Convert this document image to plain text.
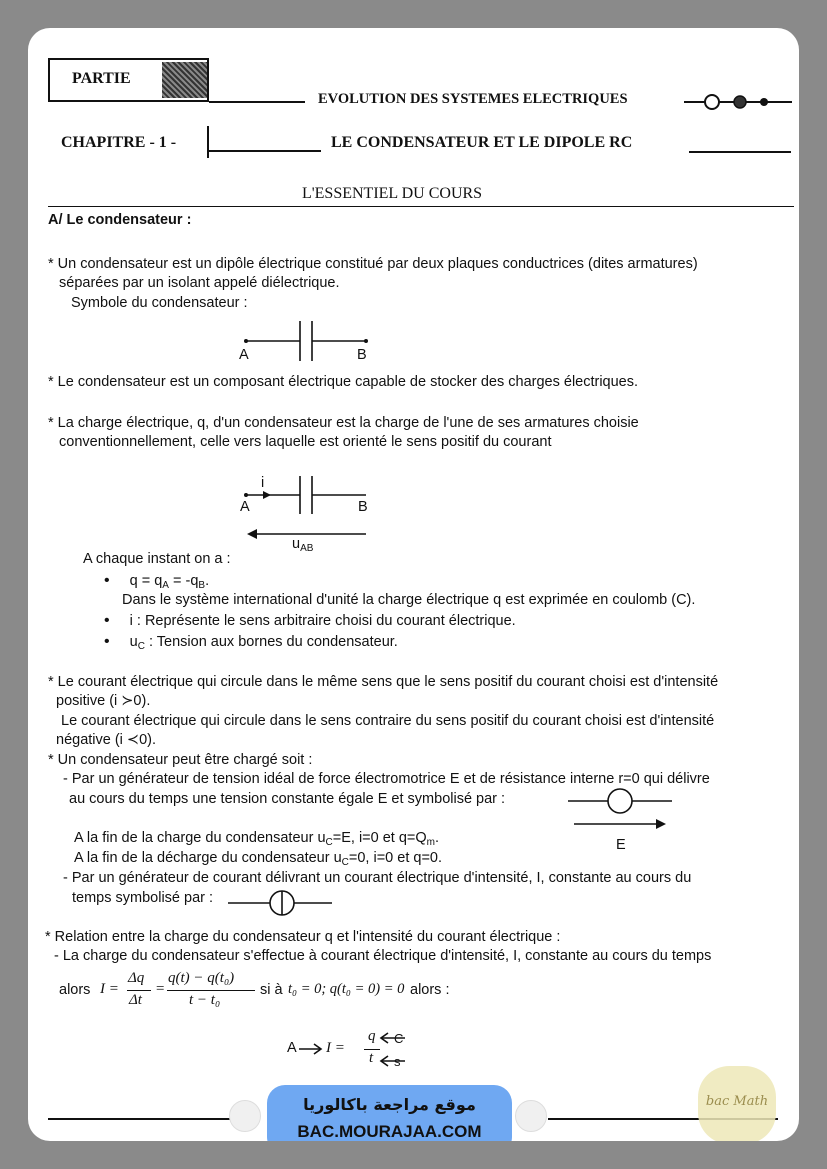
PARTIE
EVOLUTION DES SYSTEMES ELECTRIQUES
CHAPITRE - 1 -	LE CONDENSATEUR ET LE DIPOLE RC
L'ESSENTIEL DU COURS
A/ Le condensateur :
* Un condensateur est un dipôle électrique constitué par deux plaques conductrices (dites armatures)
séparées par un isolant appelé diélectrique.
Symbole du condensateur :
A	B
* Le condensateur est un composant électrique capable de stocker des charges électriques.
* La charge électrique, q, d'un condensateur est la charge de l'une de ses armatures choisie
conventionnellement, celle vers laquelle est orienté le sens positif du courant
i
A	B
$u_{AB}$
A chaque instant on a :
• $q = q_A = -q_B$.
Dans le système international d'unité la charge électrique q est exprimée en coulomb (C).
• i : Représente le sens arbitraire choisi du courant électrique.
• $u_C$ : Tension aux bornes du condensateur.
* Le courant électrique qui circule dans le même sens que le sens positif du courant choisi est d'intensité
positive (i ≻0).
Le courant électrique qui circule dans le sens contraire du sens positif du courant choisi est d'intensité
négative (i ≺0).
* Un condensateur peut être chargé soit :
- Par un générateur de tension idéal de force électromotrice E et de résistance interne r=0 qui délivre
au cours du temps une tension constante égale E et symbolisé par :
E
A la fin de la charge du condensateur $u_C=E$, i=0 et $q=Q_m$.
A la fin de la décharge du condensateur $u_C=0$, i=0 et q=0.
- Par un générateur de courant délivrant un courant électrique d'intensité, I, constante au cours du
temps symbolisé par :
* Relation entre la charge du condensateur q et l'intensité du courant électrique :
- La charge du condensateur s'effectue à courant électrique d'intensité, I, constante au cours du temps
alors I =
Δq
Δt
=
q(t) − q(t₀)
t − t₀
si à t₀ = 0; q(t₀ = 0) = 0 alors :
A I =
q
t
C
s
موقع مراجعة باكالوريا
BAC.MOURAJAA.COM
bac Math
